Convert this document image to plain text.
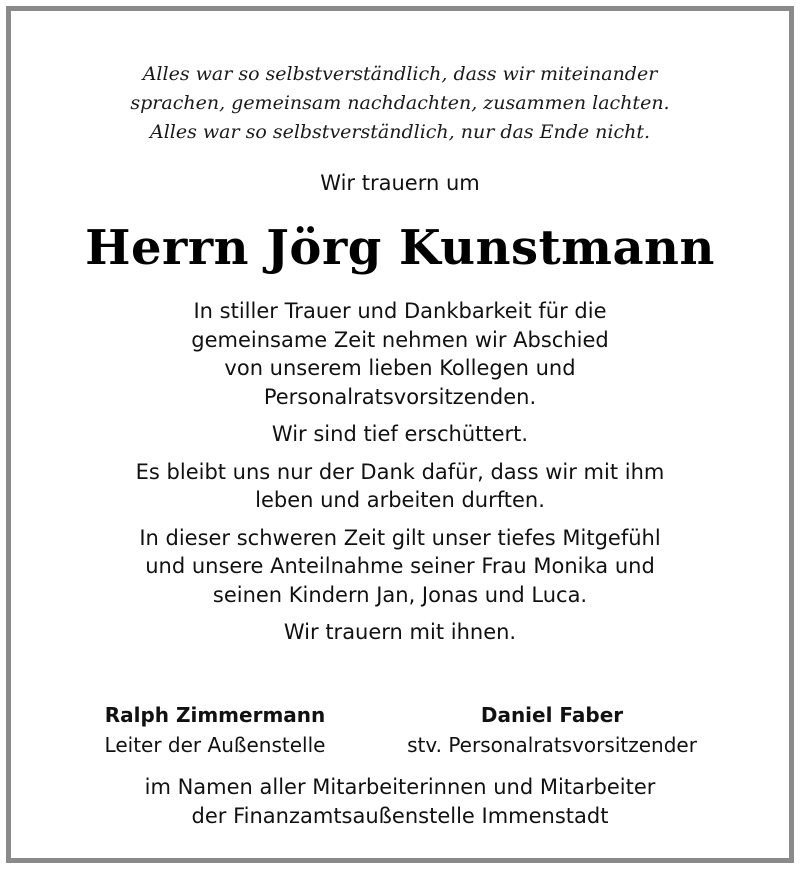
Alles war so selbstverständlich, dass wir miteinander
sprachen, gemeinsam nachdachten, zusammen lachten.
Alles war so selbstverständlich, nur das Ende nicht.
Wir trauern um
Herrn Jörg Kunstmann
In stiller Trauer und Dankbarkeit für die
gemeinsame Zeit nehmen wir Abschied
von unserem lieben Kollegen und
Personalratsvorsitzenden.
Wir sind tief erschüttert.
Es bleibt uns nur der Dank dafür, dass wir mit ihm
leben und arbeiten durften.
In dieser schweren Zeit gilt unser tiefes Mitgefühl
und unsere Anteilnahme seiner Frau Monika und
seinen Kindern Jan, Jonas und Luca.
Wir trauern mit ihnen.
Ralph Zimmermann
Leiter der Außenstelle
Daniel Faber
stv. Personalratsvorsitzender
im Namen aller Mitarbeiterinnen und Mitarbeiter
der Finanzamtsaußenstelle Immenstadt
